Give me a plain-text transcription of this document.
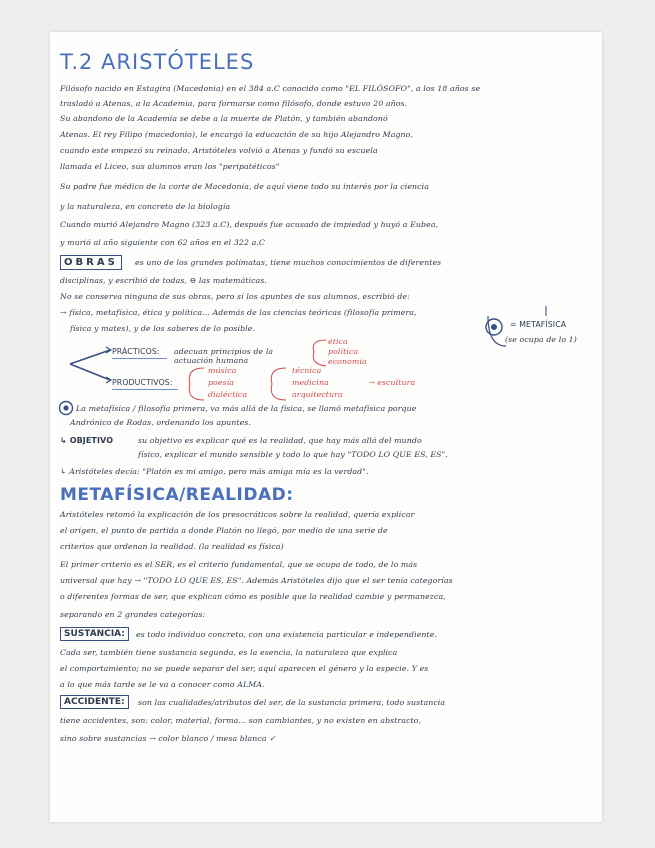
T.2 ARISTÓTELES
Filósofo nacido en Estagira (Macedonia) en el 384 a.C conocido como "EL FILÓSOFO", a los 18 años se
trasladó a Atenas, a la Academia, para formarse como filósofo, donde estuvo 20 años.
Su abandono de la Academia se debe a la muerte de Platón, y también abandonó
Atenas. El rey Filipo (macedonio), le encargó la educación de su hijo Alejandro Magno,
cuando este empezó su reinado, Aristóteles volvió a Atenas y fundó su escuela
llamada el Liceo, sus alumnos eran los "peripatéticos"
Su padre fue médico de la corte de Macedonia, de aquí viene todo su interés por la ciencia
y la naturaleza, en concreto de la biología
Cuando murió Alejandro Magno (323 a.C), después fue acusado de impiedad y huyó a Eubea,
y murió al año siguiente con 62 años en el 322 a.C
OBRAS	es uno de los grandes polímatas, tiene muchos conocimientos de diferentes
disciplinas, y escribió de todas, ⊖ las matemáticas.
No se conserva ninguna de sus obras, pero sí los apuntes de sus alumnos, escribió de:
→ física, metafísica, ética y política... Además de las ciencias teóricas (filosofía primera,
física y mates), y de los saberes de lo posible.	= METAFÍSICA
(se ocupa de lo 1)
PRÁCTICOS: adecuan principios de la actuación humana
ética
política
economía
PRODUCTIVOS:
música
poesía
dialéctica
técnica
medicina
arquitectura
→ escultura
La metafísica / filosofía primera, va más allá de la física, se llamó metafísica porque
Andrónico de Rodas, ordenando los apuntes.
↳ OBJETIVO	su objetivo es explicar qué es la realidad, que hay más allá del mundo
físico, explicar el mundo sensible y todo lo que hay "TODO LO QUE ES, ES".
↳ Aristóteles decía: "Platón es mi amigo, pero más amiga mía es la verdad".
METAFÍSICA/REALIDAD:
Aristóteles retomó la explicación de los presocráticos sobre la realidad, quería explicar
el origen, el punto de partida a donde Platón no llegó, por medio de una serie de
criterios que ordenan la realidad. (la realidad es física)
El primer criterio es el SER, es el criterio fundamental, que se ocupa de todo, de lo más
universal que hay → "TODO LO QUE ES, ES". Además Aristóteles dijo que el ser tenía categorías
o diferentes formas de ser, que explican cómo es posible que la realidad cambie y permanezca,
separando en 2 grandes categorías:
SUSTANCIA:	es todo individuo concreto, con una existencia particular e independiente.
Cada ser, también tiene sustancia segunda, es la esencia, la naturaleza que explica
el comportamiento; no se puede separar del ser, aquí aparecen el género y la especie. Y es
a lo que más tarde se le va a conocer como ALMA.
ACCIDENTE:	son las cualidades/atributos del ser, de la sustancia primera, todo sustancia
tiene accidentes, son: color, material, forma... son cambiantes, y no existen en abstracto,
sino sobre sustancias → color blanco / mesa blanca ✓
